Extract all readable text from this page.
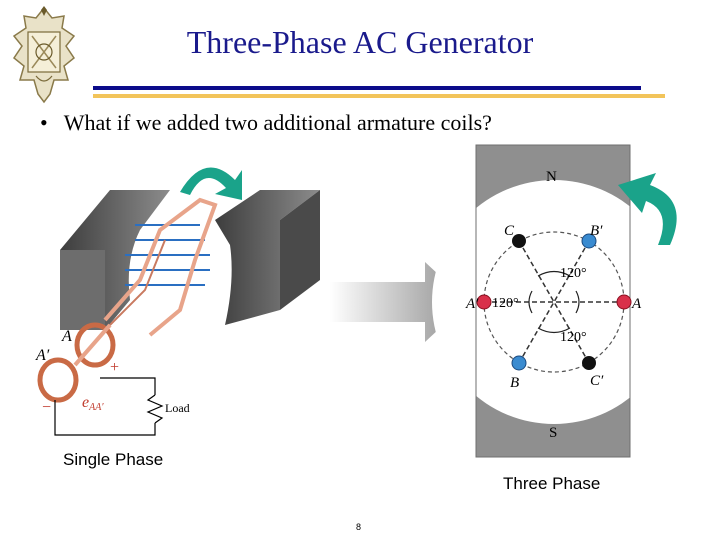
Three-Phase AC Generator
• What if we added two additional armature coils?
A
A′
+
− eAA′	Load
Single Phase
N
S
C	B′
A′	A
B	C′
120°
120°
120°
Three Phase
8
